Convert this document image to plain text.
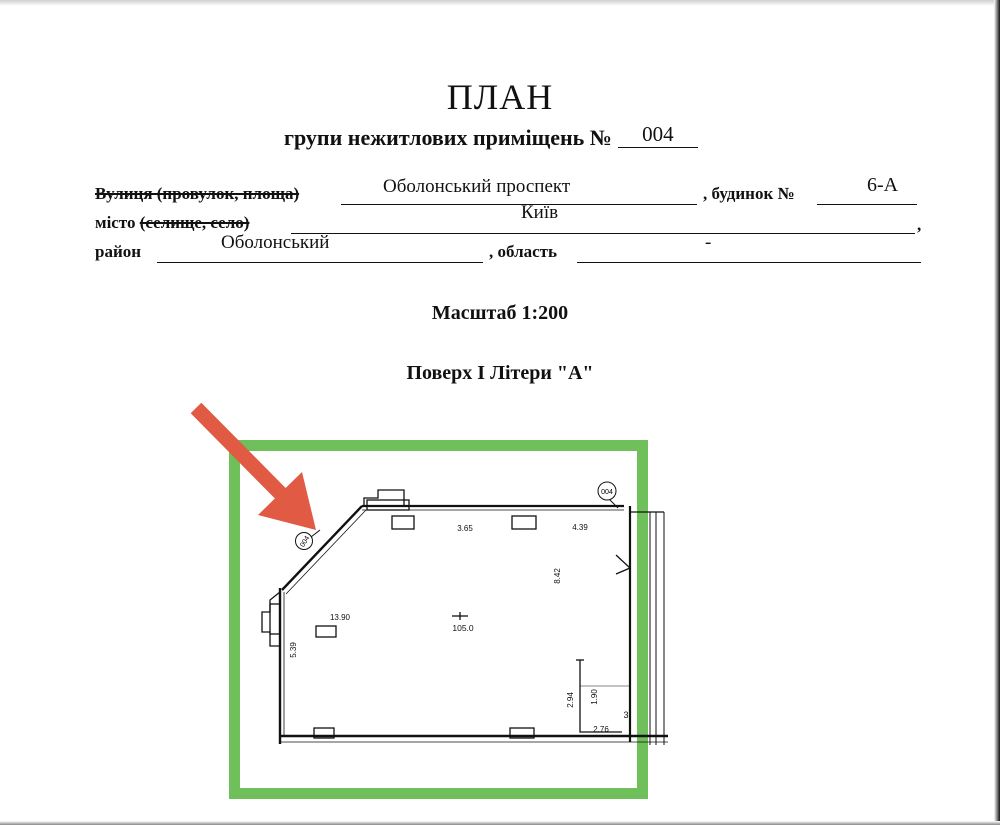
ПЛАН
групи нежитлових приміщень № 004
Вулиця (провулок, площа)	Оболонський проспект	, будинок №	6-А
місто (селище, село)	Київ
,
район	Оболонський	, область	-
Масштаб 1:200
Поверх І Літери "А"
004
004
105.0
3.65	4.39
8.42
13.90
5.39
2.94 1.90
2.76
3
